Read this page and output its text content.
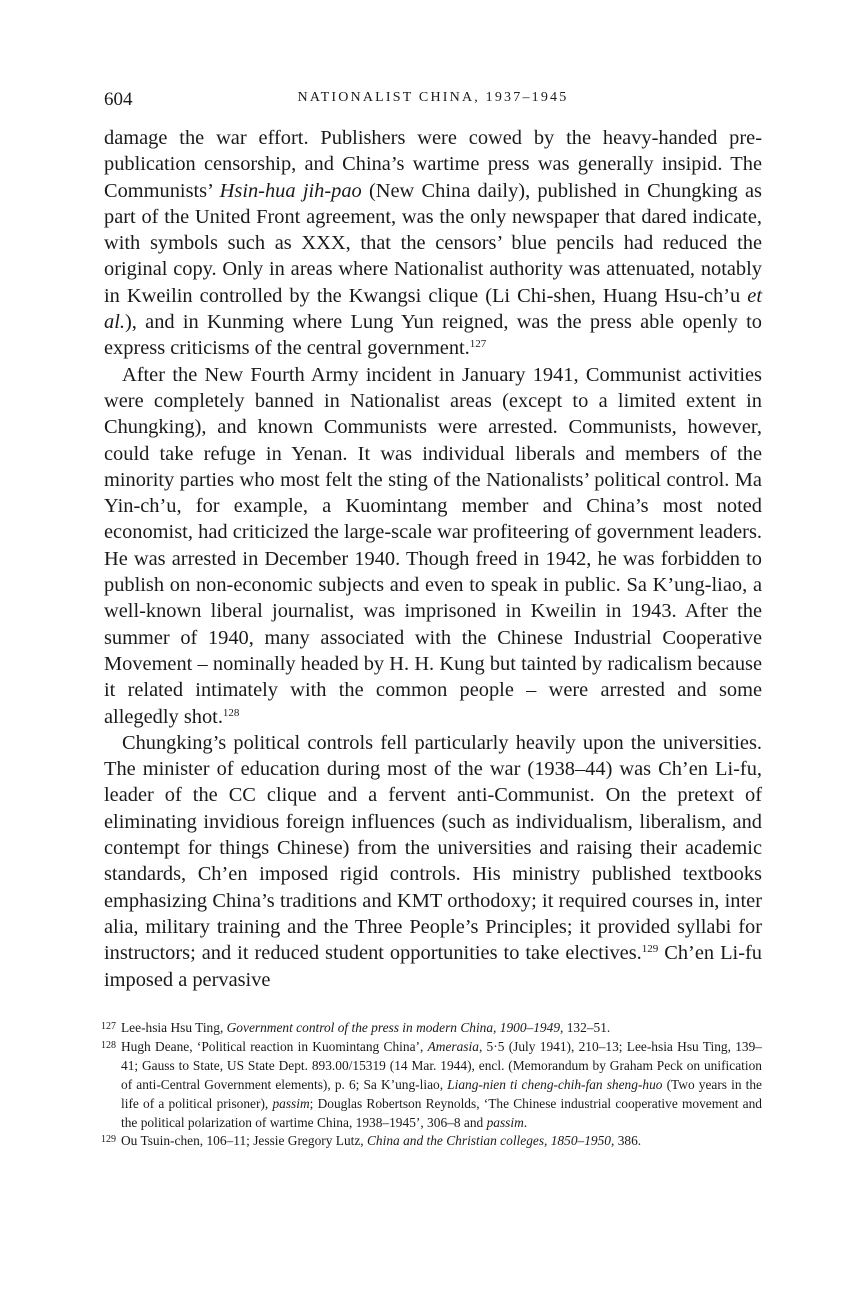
604	NATIONALIST CHINA, 1937–1945

damage the war effort. Publishers were cowed by the heavy-handed pre-publication censorship, and China’s wartime press was generally insipid. The Communists’ Hsin-hua jih-pao (New China daily), published in Chungking as part of the United Front agreement, was the only newspaper that dared indicate, with symbols such as XXX, that the censors’ blue pencils had reduced the original copy. Only in areas where Nationalist authority was attenuated, notably in Kweilin controlled by the Kwangsi clique (Li Chi-shen, Huang Hsu-ch’u et al.), and in Kunming where Lung Yun reigned, was the press able openly to express criticisms of the central government.$^{127}$

After the New Fourth Army incident in January 1941, Communist activities were completely banned in Nationalist areas (except to a limited extent in Chungking), and known Communists were arrested. Communists, however, could take refuge in Yenan. It was individual liberals and members of the minority parties who most felt the sting of the Nationalists’ political control. Ma Yin-ch’u, for example, a Kuomintang member and China’s most noted economist, had criticized the large-scale war profiteering of government leaders. He was arrested in December 1940. Though freed in 1942, he was forbidden to publish on non-economic subjects and even to speak in public. Sa K’ung-liao, a well-known liberal journalist, was imprisoned in Kweilin in 1943. After the summer of 1940, many associated with the Chinese Industrial Cooperative Movement – nominally headed by H. H. Kung but tainted by radicalism because it related intimately with the common people – were arrested and some allegedly shot.$^{128}$

Chungking’s political controls fell particularly heavily upon the universities. The minister of education during most of the war (1938–44) was Ch’en Li-fu, leader of the CC clique and a fervent anti-Communist. On the pretext of eliminating invidious foreign influences (such as individualism, liberalism, and contempt for things Chinese) from the universities and raising their academic standards, Ch’en imposed rigid controls. His ministry published textbooks emphasizing China’s traditions and KMT orthodoxy; it required courses in, inter alia, military training and the Three People’s Principles; it provided syllabi for instructors; and it reduced student opportunities to take electives.$^{129}$ Ch’en Li-fu imposed a pervasive

127 Lee-hsia Hsu Ting, Government control of the press in modern China, 1900–1949, 132–51.

128 Hugh Deane, ‘Political reaction in Kuomintang China’, Amerasia, 5·5 (July 1941), 210–13; Lee-hsia Hsu Ting, 139–41; Gauss to State, US State Dept. 893.00/15319 (14 Mar. 1944), encl. (Memorandum by Graham Peck on unification of anti-Central Government elements), p. 6; Sa K’ung-liao, Liang-nien ti cheng-chih-fan sheng-huo (Two years in the life of a political prisoner), passim; Douglas Robertson Reynolds, ‘The Chinese industrial cooperative movement and the political polarization of wartime China, 1938–1945’, 306–8 and passim.

129 Ou Tsuin-chen, 106–11; Jessie Gregory Lutz, China and the Christian colleges, 1850–1950, 386.
